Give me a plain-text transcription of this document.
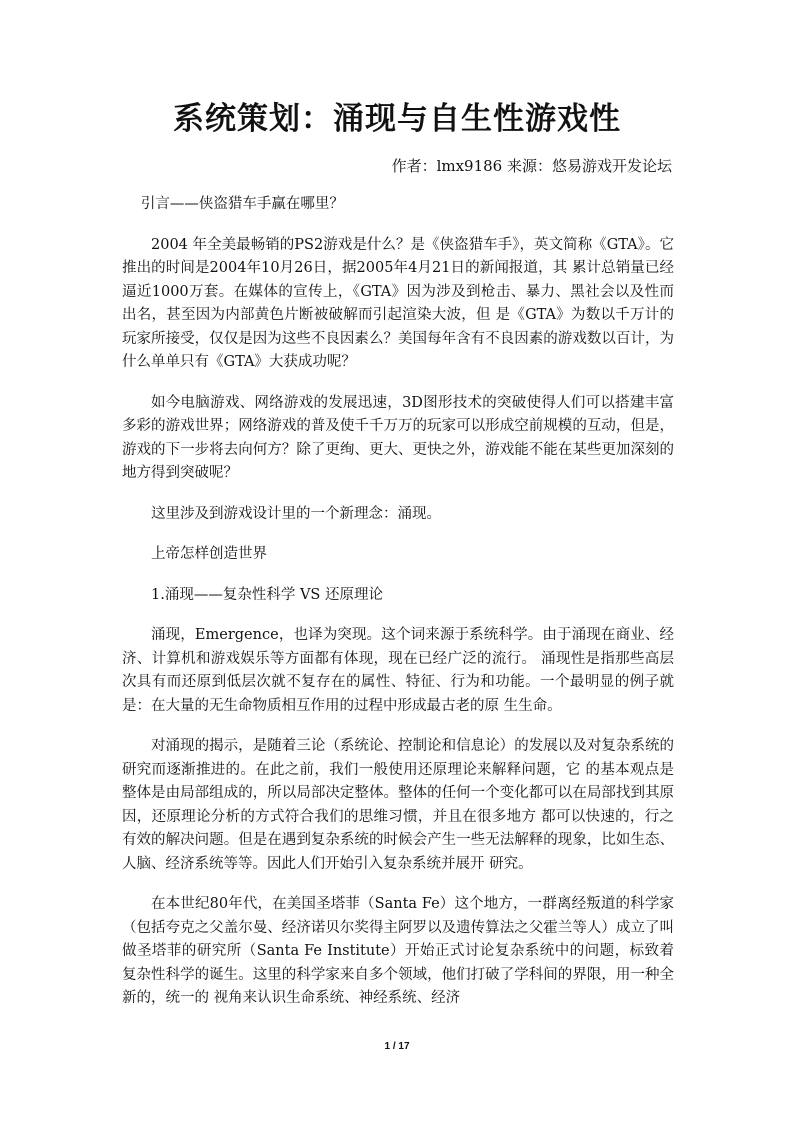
系统策划：涌现与自生性游戏性
作者：lmx9186 来源：悠易游戏开发论坛
引言——侠盗猎车手赢在哪里？

2004 年全美最畅销的PS2游戏是什么？是《侠盗猎车手》，英文简称《GTA》。它推出的时间是2004年10月26日，据2005年4月21日的新闻报道，其 累计总销量已经逼近1000万套。在媒体的宣传上，《GTA》因为涉及到枪击、暴力、黑社会以及性而出名，甚至因为内部黄色片断被破解而引起渲染大波，但 是《GTA》为数以千万计的玩家所接受，仅仅是因为这些不良因素么？美国每年含有不良因素的游戏数以百计，为什么单单只有《GTA》大获成功呢？

如今电脑游戏、网络游戏的发展迅速，3D图形技术的突破使得人们可以搭建丰富多彩的游戏世界；网络游戏的普及使千千万万的玩家可以形成空前规模的互动，但是，游戏的下一步将去向何方？除了更绚、更大、更快之外，游戏能不能在某些更加深刻的地方得到突破呢？

这里涉及到游戏设计里的一个新理念：涌现。

上帝怎样创造世界
1.涌现——复杂性科学 VS 还原理论

涌现，Emergence，也译为突现。这个词来源于系统科学。由于涌现在商业、经济、计算机和游戏娱乐等方面都有体现，现在已经广泛的流行。 涌现性是指那些高层次具有而还原到低层次就不复存在的属性、特征、行为和功能。一个最明显的例子就是：在大量的无生命物质相互作用的过程中形成最古老的原 生生命。

对涌现的揭示，是随着三论（系统论、控制论和信息论）的发展以及对复杂系统的研究而逐渐推进的。在此之前，我们一般使用还原理论来解释问题，它 的基本观点是整体是由局部组成的，所以局部决定整体。整体的任何一个变化都可以在局部找到其原因，还原理论分析的方式符合我们的思维习惯，并且在很多地方 都可以快速的，行之有效的解决问题。但是在遇到复杂系统的时候会产生一些无法解释的现象，比如生态、人脑、经济系统等等。因此人们开始引入复杂系统并展开 研究。

在本世纪80年代，在美国圣塔菲（Santa Fe）这个地方，一群离经叛道的科学家（包括夸克之父盖尔曼、经济诺贝尔奖得主阿罗以及遗传算法之父霍兰等人）成立了叫做圣塔菲的研究所（Santa Fe Institute）开始正式讨论复杂系统中的问题，标致着复杂性科学的诞生。这里的科学家来自多个领域，他们打破了学科间的界限，用一种全新的，统一的 视角来认识生命系统、神经系统、经济

1 / 17
